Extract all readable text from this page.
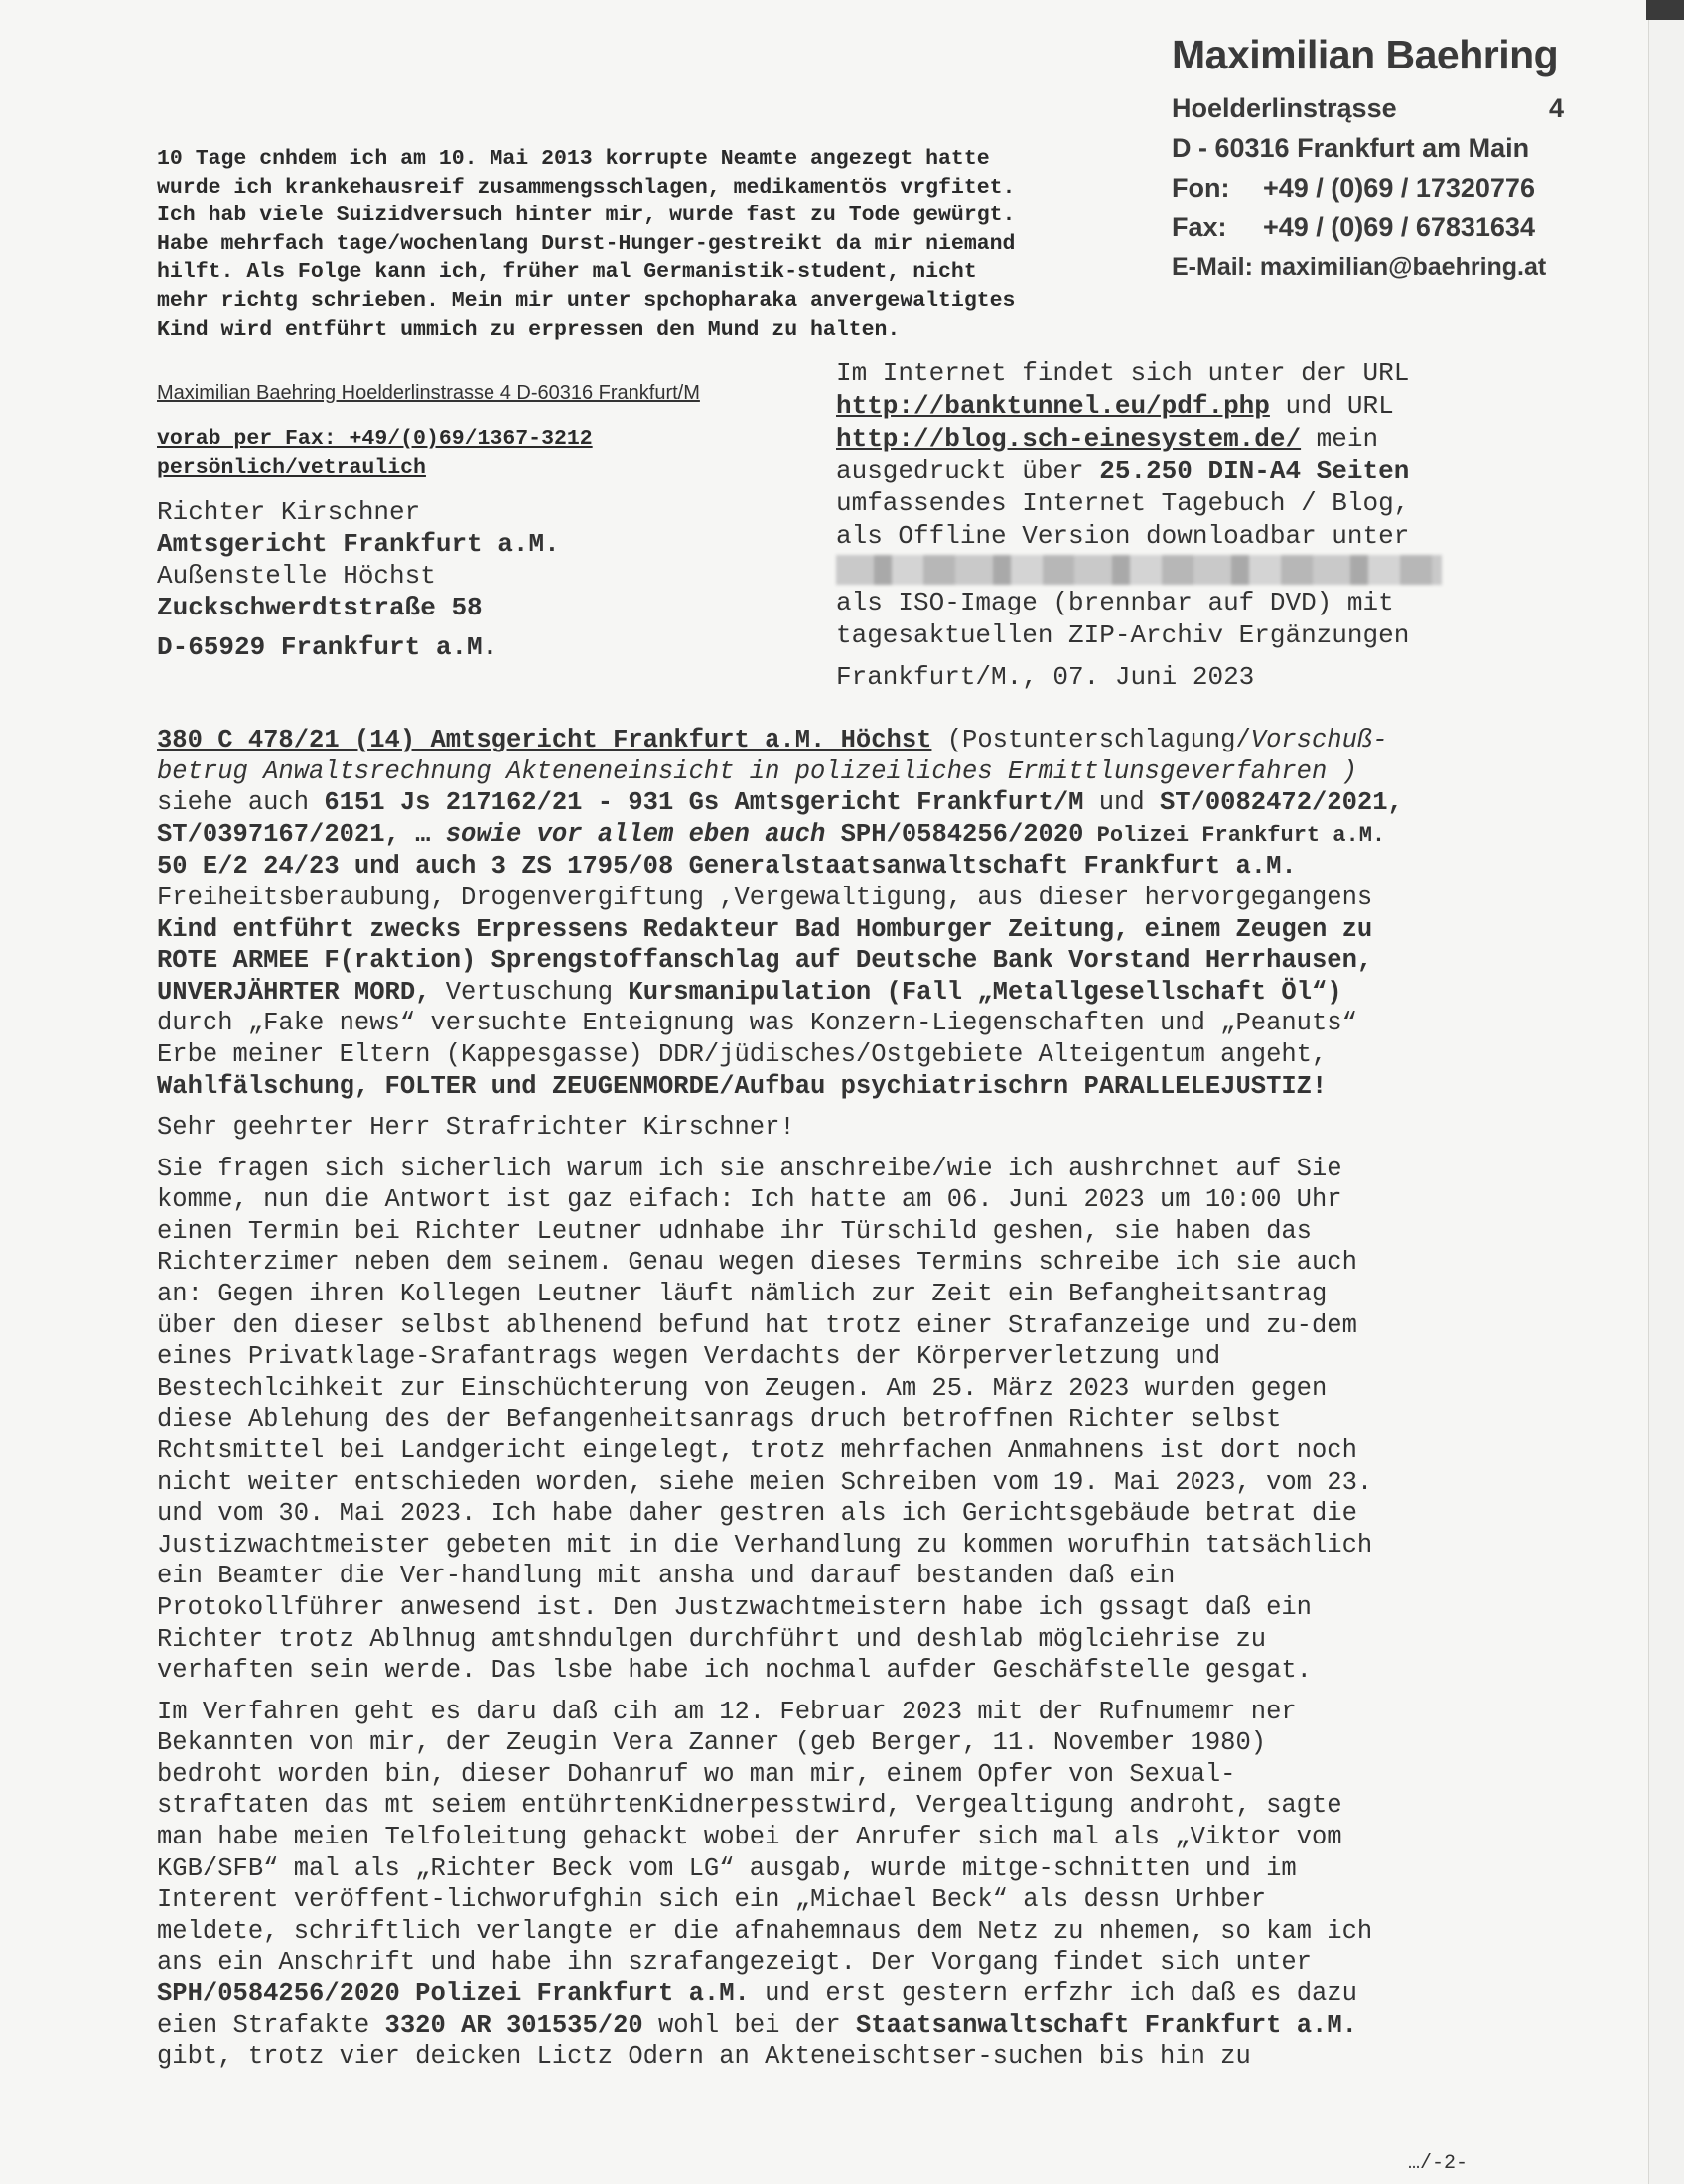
Maximilian Baehring
Hoelderlinstrąsse	4
D - 60316 Frankfurt am Main
Fon: +49 / (0)69 / 17320776
Fax: +49 / (0)69 / 67831634
E-Mail: maximilian@baehring.at

10 Tage cnhdem ich am 10. Mai 2013 korrupte Neamte angezegt hatte

wurde ich krankehausreif zusammengsschlagen, medikamentös vrgfitet.

Ich hab viele Suizidversuch hinter mir, wurde fast zu Tode gewürgt.

Habe mehrfach tage/wochenlang Durst-Hunger-gestreikt da mir niemand

hilft. Als Folge kann ich, früher mal Germanistik-student, nicht

mehr richtg schrieben. Mein mir unter spchopharaka anvergewaltigtes

Kind wird entführt ummich zu erpressen den Mund zu halten.

Maximilian Baehring Hoelderlinstrasse 4 D-60316 Frankfurt/M
vorab per Fax: +49/(0)69/1367-3212
persönlich/vetraulich
Richter Kirschner
Amtsgericht Frankfurt a.M.
Außenstelle Höchst
Zuckschwerdtstraße 58
D-65929 Frankfurt a.M.
Im Internet findet sich unter der URL
http://banktunnel.eu/pdf.php und URL
http://blog.sch-einesystem.de/ mein
ausgedruckt über 25.250 DIN-A4 Seiten
umfassendes Internet Tagebuch / Blog,
als Offline Version downloadbar unter
als ISO-Image (brennbar auf DVD) mit
tagesaktuellen ZIP-Archiv Ergänzungen
Frankfurt/M., 07. Juni 2023
380 C 478/21 (14) Amtsgericht Frankfurt a.M. Höchst (Postunterschlagung/Vorschuß-
betrug Anwaltsrechnung Akteneneinsicht in polizeiliches Ermittlunsgeverfahren )
siehe auch 6151 Js 217162/21 - 931 Gs Amtsgericht Frankfurt/M und ST/0082472/2021,
ST/0397167/2021, … sowie vor allem eben auch SPH/0584256/2020 Polizei Frankfurt a.M.
50 E/2 24/23 und auch 3 ZS 1795/08 Generalstaatsanwaltschaft Frankfurt a.M.
Freiheitsberaubung, Drogenvergiftung ,Vergewaltigung, aus dieser hervorgegangens
Kind entführt zwecks Erpressens Redakteur Bad Homburger Zeitung, einem Zeugen zu
ROTE ARMEE F(raktion) Sprengstoffanschlag auf Deutsche Bank Vorstand Herrhausen,
UNVERJÄHRTER MORD, Vertuschung Kursmanipulation (Fall „Metallgesellschaft Öl“)
durch „Fake news“ versuchte Enteignung was Konzern-Liegenschaften und „Peanuts“
Erbe meiner Eltern (Kappesgasse) DDR/jüdisches/Ostgebiete Alteigentum angeht,
Wahlfälschung, FOLTER und ZEUGENMORDE/Aufbau psychiatrischrn PARALLELEJUSTIZ!

Sehr geehrter Herr Strafrichter Kirschner!

Sie fragen sich sicherlich warum ich sie anschreibe/wie ich aushrchnet auf Sie
komme, nun die Antwort ist gaz eifach: Ich hatte am 06. Juni 2023 um 10:00 Uhr
einen Termin bei Richter Leutner udnhabe ihr Türschild geshen, sie haben das
Richterzimer neben dem seinem. Genau wegen dieses Termins schreibe ich sie auch
an: Gegen ihren Kollegen Leutner läuft nämlich zur Zeit ein Befangheitsantrag
über den dieser selbst ablhenend befund hat trotz einer Strafanzeige und zu-dem
eines Privatklage-Srafantrags wegen Verdachts der Körperverletzung und
Bestechlcihkeit zur Einschüchterung von Zeugen. Am 25. März 2023 wurden gegen
diese Ablehung des der Befangenheitsanrags druch betroffnen Richter selbst
Rchtsmittel bei Landgericht eingelegt, trotz mehrfachen Anmahnens ist dort noch
nicht weiter entschieden worden, siehe meien Schreiben vom 19. Mai 2023, vom 23.
und vom 30. Mai 2023. Ich habe daher gestren als ich Gerichtsgebäude betrat die
Justizwachtmeister gebeten mit in die Verhandlung zu kommen worufhin tatsächlich
ein Beamter die Ver-handlung mit ansha und darauf bestanden daß ein
Protokollführer anwesend ist. Den Justzwachtmeistern habe ich gssagt daß ein
Richter trotz Ablhnug amtshndulgen durchführt und deshlab möglciehrise zu
verhaften sein werde. Das lsbe habe ich nochmal aufder Geschäfstelle gesgat.

Im Verfahren geht es daru daß cih am 12. Februar 2023 mit der Rufnumemr ner
Bekannten von mir, der Zeugin Vera Zanner (geb Berger, 11. November 1980)
bedroht worden bin, dieser Dohanruf wo man mir, einem Opfer von Sexual-
straftaten das mt seiem entührtenKidnerpesstwird, Vergealtigung androht, sagte
man habe meien Telfoleitung gehackt wobei der Anrufer sich mal als „Viktor vom
KGB/SFB“ mal als „Richter Beck vom LG“ ausgab, wurde mitge-schnitten und im
Interent veröffent-lichworufghin sich ein „Michael Beck“ als dessn Urhber
meldete, schriftlich verlangte er die afnahemnaus dem Netz zu nhemen, so kam ich
ans ein Anschrift und habe ihn szrafangezeigt. Der Vorgang findet sich unter
SPH/0584256/2020 Polizei Frankfurt a.M. und erst gestern erfzhr ich daß es dazu
eien Strafakte 3320 AR 301535/20 wohl bei der Staatsanwaltschaft Frankfurt a.M.
gibt, trotz vier deicken Lictz Odern an Akteneischtser-suchen bis hin zu

…/-2-
